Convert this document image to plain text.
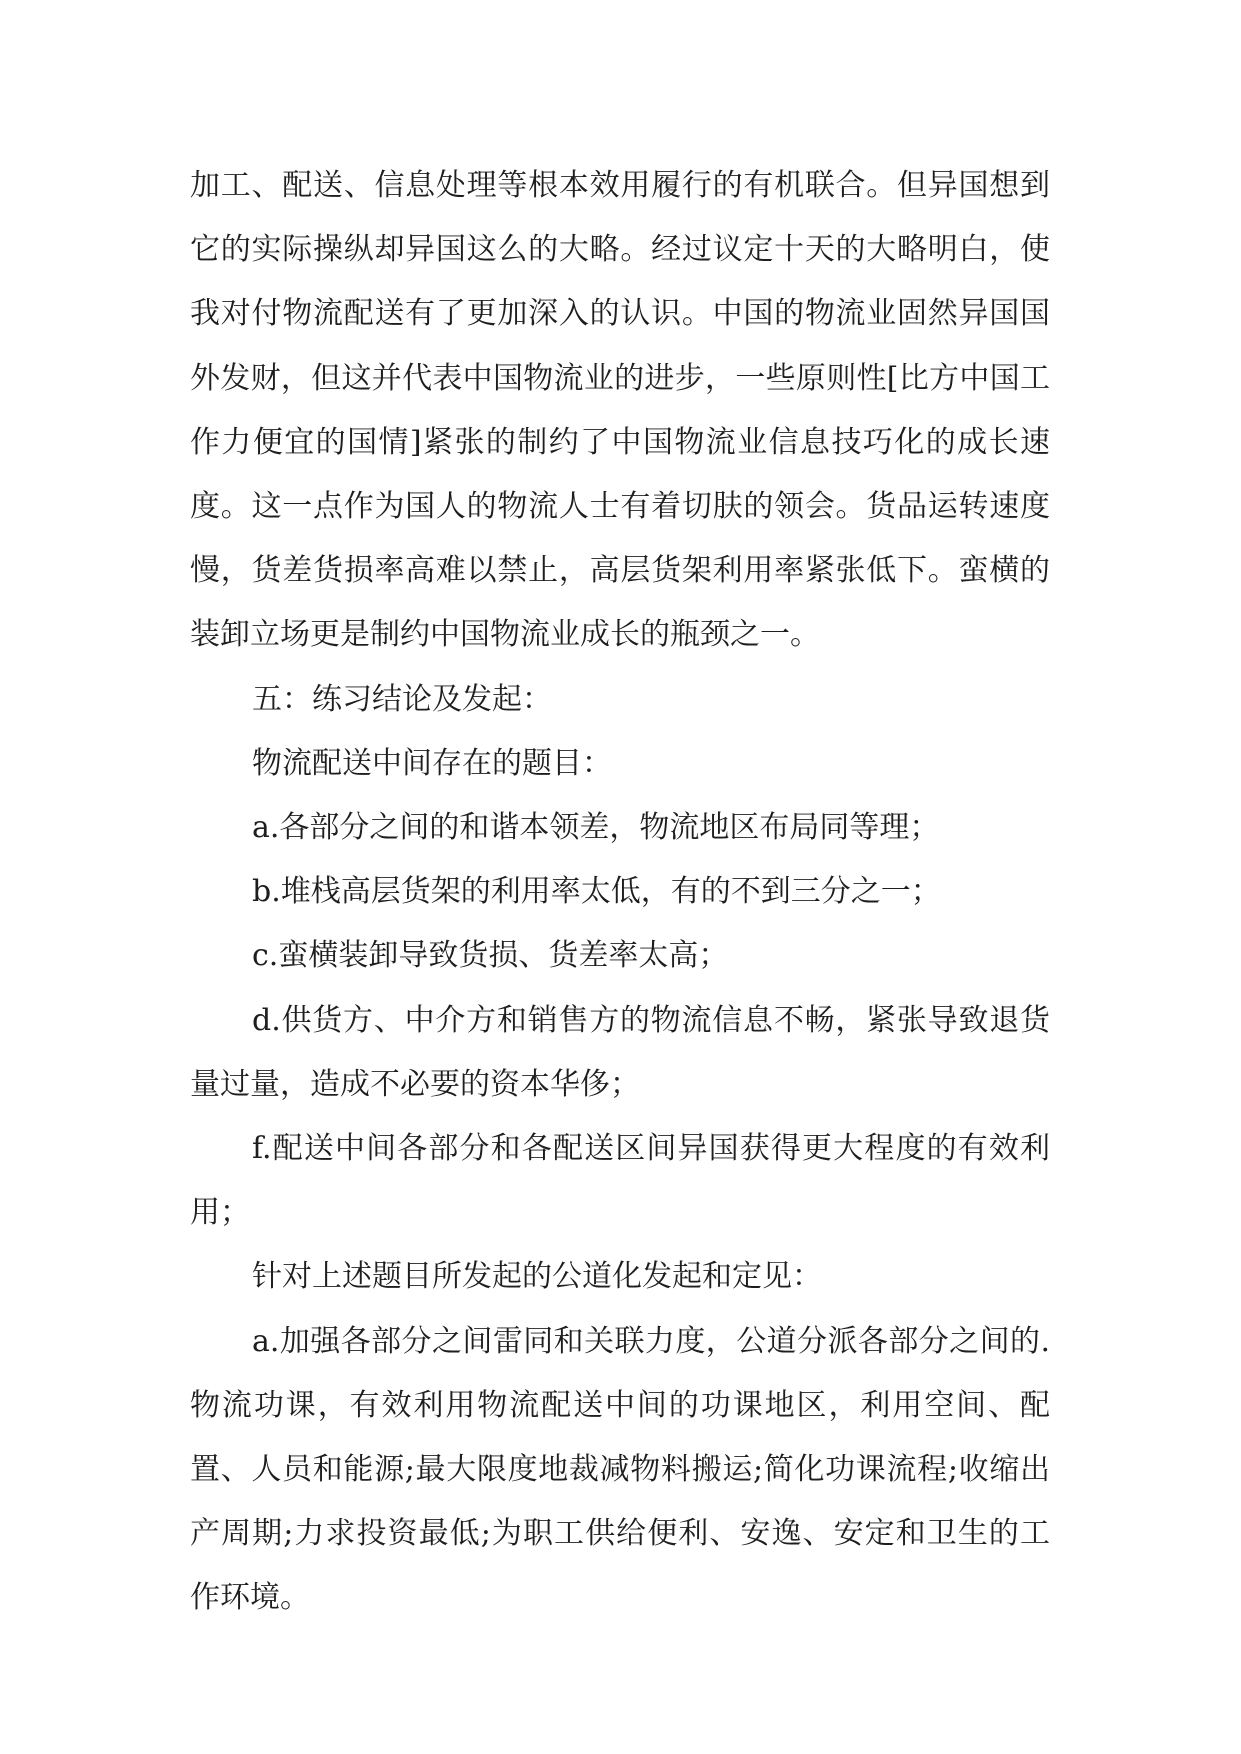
加工、配送、信息处理等根本效用履行的有机联合。但异国想到它的实际操纵却异国这么的大略。经过议定十天的大略明白，使我对付物流配送有了更加深入的认识。中国的物流业固然异国国外发财，但这并代表中国物流业的进步，一些原则性[比方中国工作力便宜的国情]紧张的制约了中国物流业信息技巧化的成长速度。这一点作为国人的物流人士有着切肤的领会。货品运转速度慢，货差货损率高难以禁止，高层货架利用率紧张低下。蛮横的装卸立场更是制约中国物流业成长的瓶颈之一。

五：练习结论及发起：

物流配送中间存在的题目：

a.各部分之间的和谐本领差，物流地区布局同等理；

b.堆栈高层货架的利用率太低，有的不到三分之一；

c.蛮横装卸导致货损、货差率太高；

d.供货方、中介方和销售方的物流信息不畅，紧张导致退货量过量，造成不必要的资本华侈；

f.配送中间各部分和各配送区间异国获得更大程度的有效利用；

针对上述题目所发起的公道化发起和定见：

a.加强各部分之间雷同和关联力度，公道分派各部分之间的.物流功课，有效利用物流配送中间的功课地区，利用空间、配置、人员和能源;最大限度地裁减物料搬运;简化功课流程;收缩出产周期;力求投资最低;为职工供给便利、安逸、安定和卫生的工作环境。
